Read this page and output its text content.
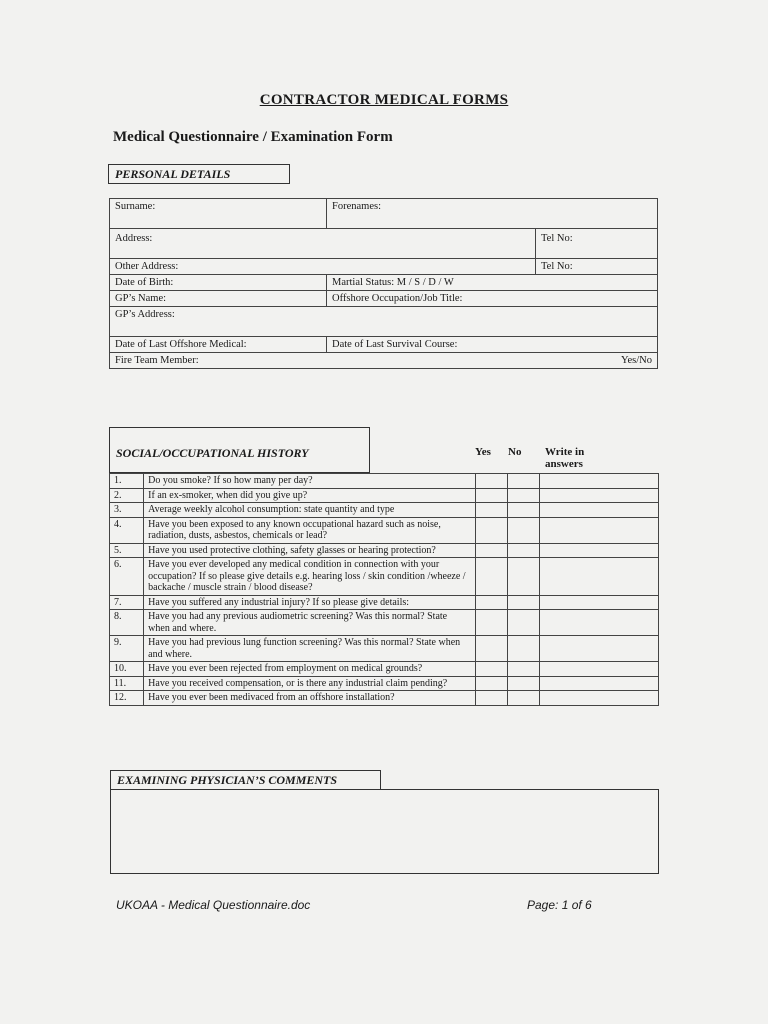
CONTRACTOR MEDICAL FORMS
Medical Questionnaire / Examination Form
PERSONAL DETAILS
Surname:	Forenames:	
Address:		Tel No:
Other Address:		Tel No:
Date of Birth:	Martial Status: M / S / D / W	
GP’s Name:	Offshore Occupation/Job Title:	
GP’s Address:		
Date of Last Offshore Medical:	Date of Last Survival Course:	
Fire Team Member: Yes/No		
SOCIAL/OCCUPATIONAL HISTORY	Yes No Write in answers
1.	Do you smoke? If so how many per day?			
2.	If an ex-smoker, when did you give up?			
3.	Average weekly alcohol consumption: state quantity and type			
4.	Have you been exposed to any known occupational hazard such as noise, radiation, dusts, asbestos, chemicals or lead?			
5.	Have you used protective clothing, safety glasses or hearing protection?			
6.	Have you ever developed any medical condition in connection with your occupation? If so please give details e.g. hearing loss / skin condition /wheeze / backache / muscle strain / blood disease?			
7.	Have you suffered any industrial injury? If so please give details:			
8.	Have you had any previous audiometric screening? Was this normal? State when and where.			
9.	Have you had previous lung function screening? Was this normal? State when and where.			
10.	Have you ever been rejected from employment on medical grounds?			
11.	Have you received compensation, or is there any industrial claim pending?			
12.	Have you ever been medivaced from an offshore installation?			
EXAMINING PHYSICIAN’S COMMENTS
UKOAA - Medical Questionnaire.doc	Page: 1 of 6
